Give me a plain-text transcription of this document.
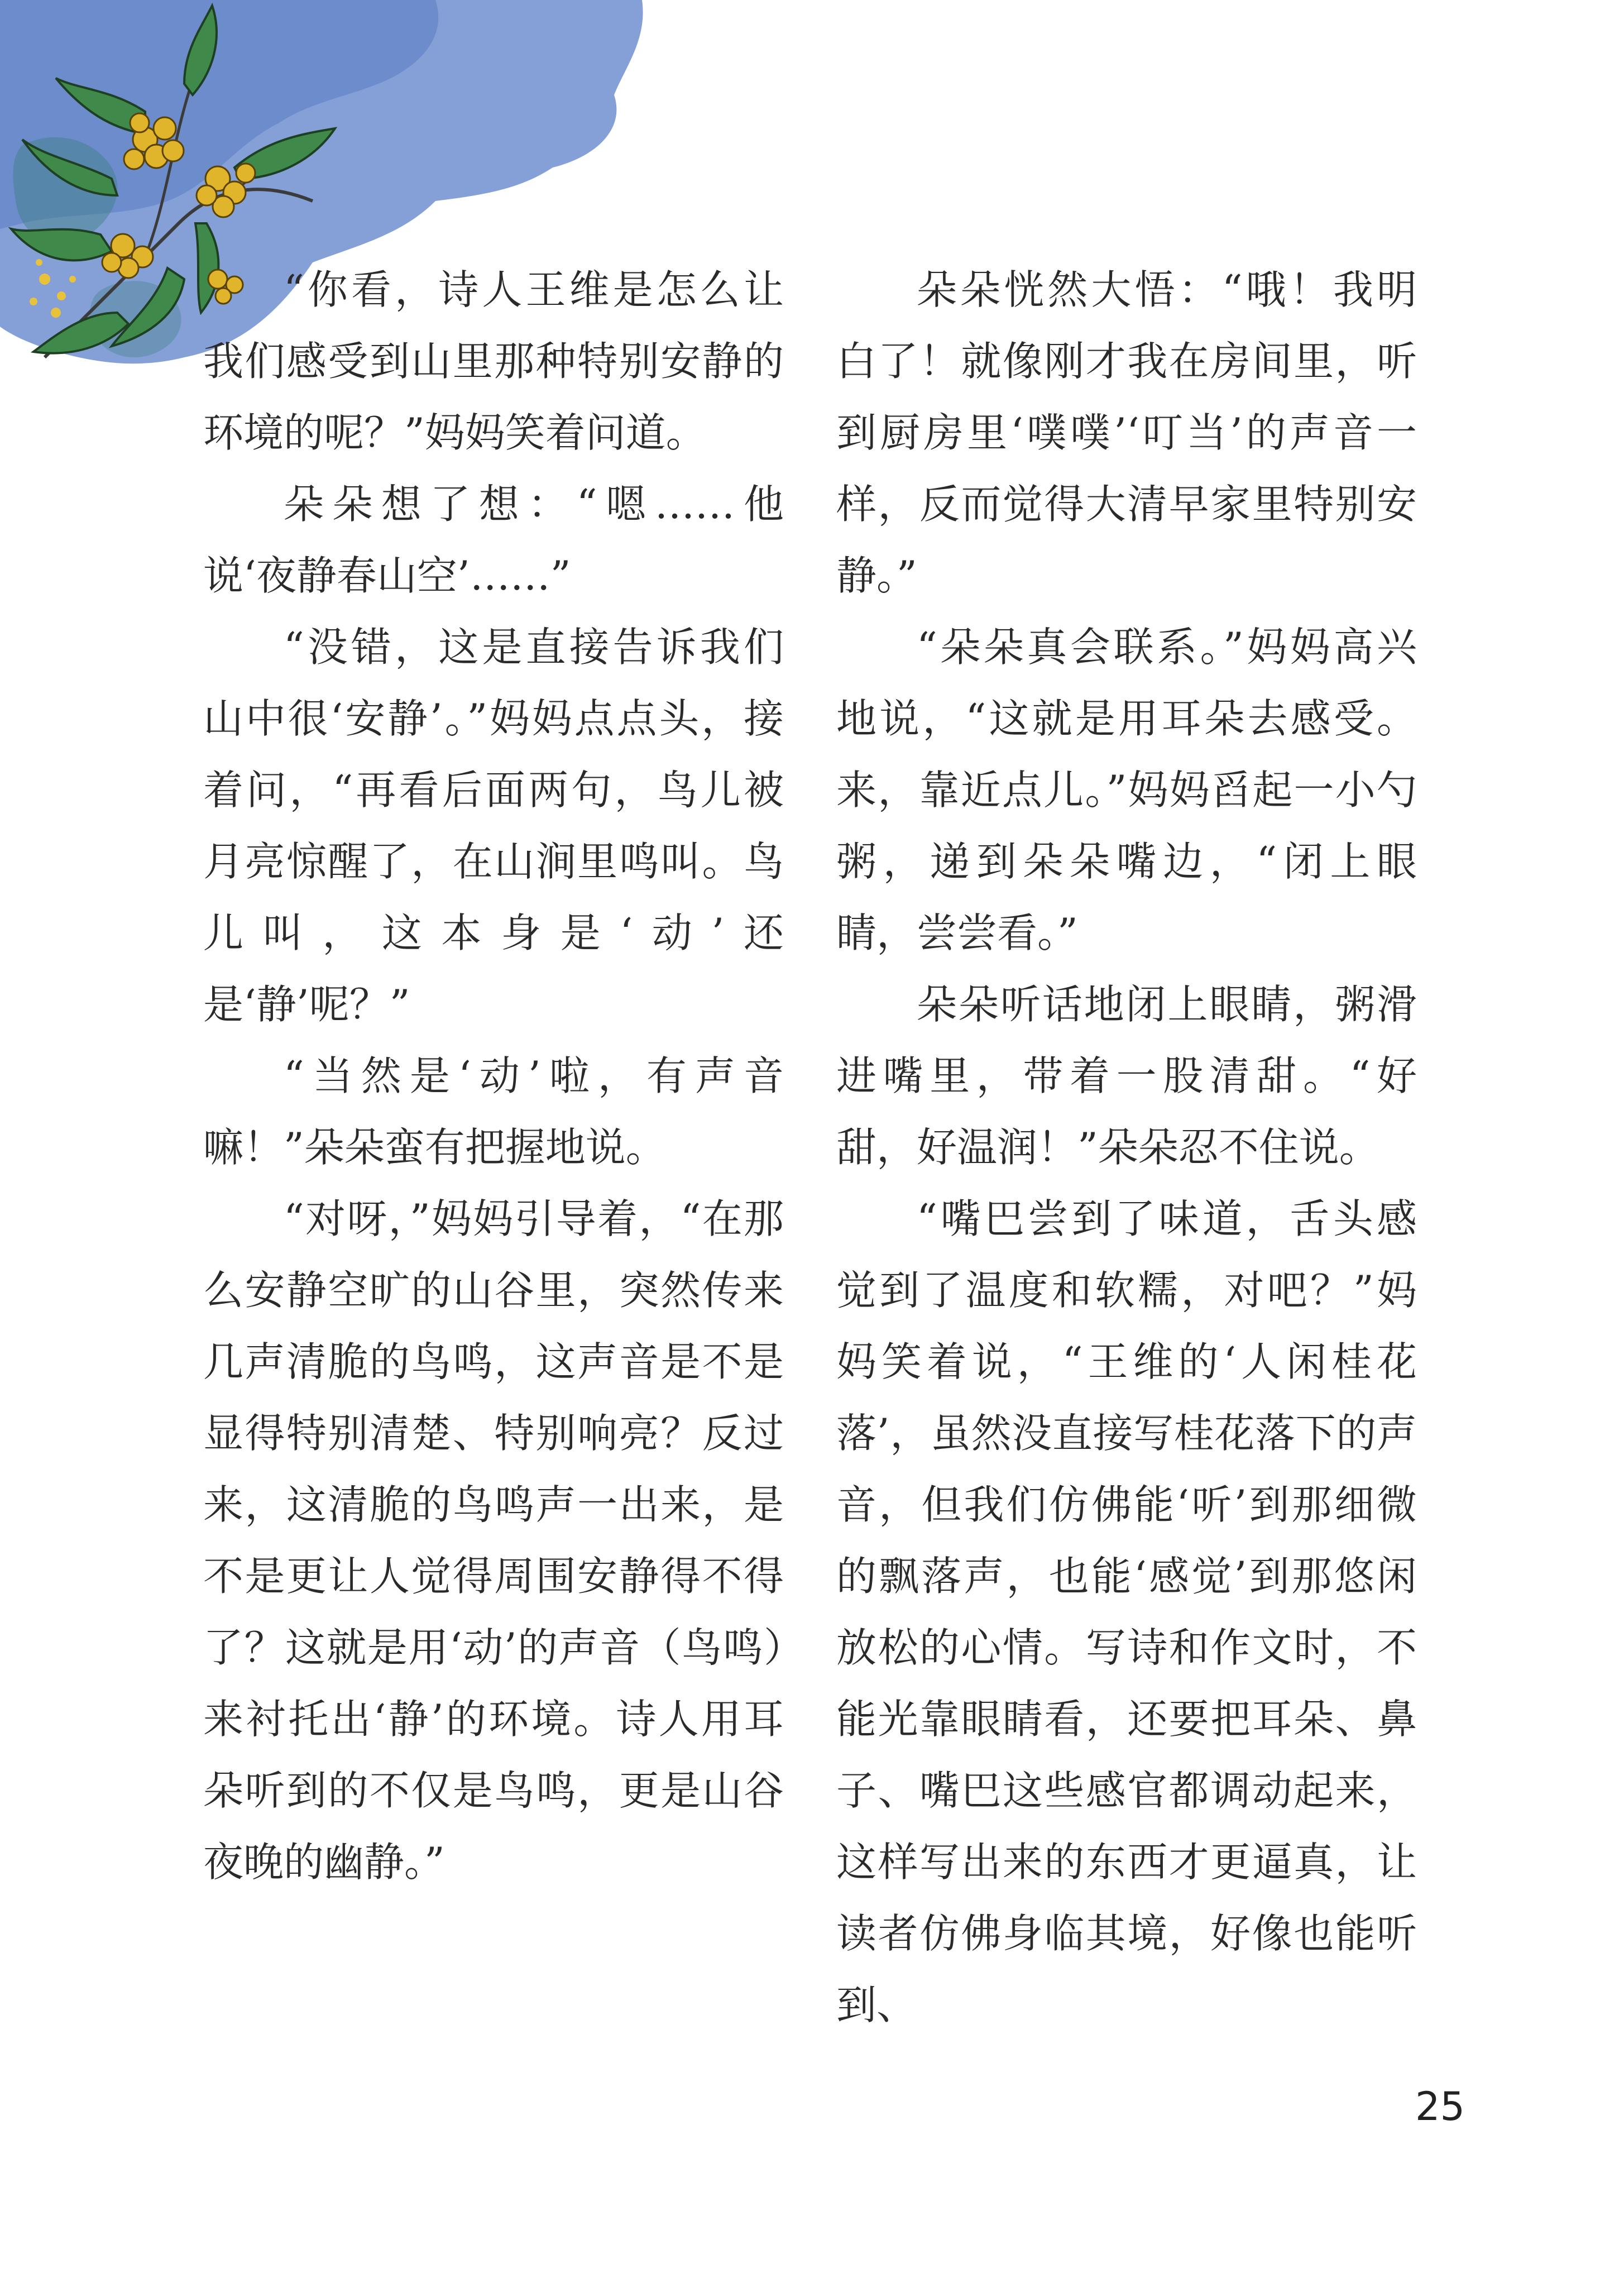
“你看，诗人王维是怎么让我们感受到山里那种特别安静的环境的呢？”妈妈笑着问道。

朵朵想了想：“嗯……他说‘夜静春山空’……”

“没错，这是直接告诉我们山中很‘安静’。”妈妈点点头，接着问，“再看后面两句，鸟儿被月亮惊醒了，在山涧里鸣叫。鸟儿叫，这本身是‘动’还是‘静’呢？”

“当然是‘动’啦，有声音嘛！”朵朵蛮有把握地说。

“对呀，”妈妈引导着，“在那么安静空旷的山谷里，突然传来几声清脆的鸟鸣，这声音是不是显得特别清楚、特别响亮？反过来，这清脆的鸟鸣声一出来，是不是更让人觉得周围安静得不得了？这就是用‘动’的声音（鸟鸣）来衬托出‘静’的环境。诗人用耳朵听到的不仅是鸟鸣，更是山谷夜晚的幽静。”

朵朵恍然大悟：“哦！我明白了！就像刚才我在房间里，听到厨房里‘噗噗’‘叮当’的声音一样，反而觉得大清早家里特别安静。”

“朵朵真会联系。”妈妈高兴地说，“这就是用耳朵去感受。来，靠近点儿。”妈妈舀起一小勺粥，递到朵朵嘴边，“闭上眼睛，尝尝看。”

朵朵听话地闭上眼睛，粥滑进嘴里，带着一股清甜。“好甜，好温润！”朵朵忍不住说。

“嘴巴尝到了味道，舌头感觉到了温度和软糯，对吧？”妈妈笑着说，“王维的‘人闲桂花落’，虽然没直接写桂花落下的声音，但我们仿佛能‘听’到那细微的飘落声，也能‘感觉’到那悠闲放松的心情。写诗和作文时，不能光靠眼睛看，还要把耳朵、鼻子、嘴巴这些感官都调动起来，这样写出来的东西才更逼真，让读者仿佛身临其境，好像也能听到、

25
